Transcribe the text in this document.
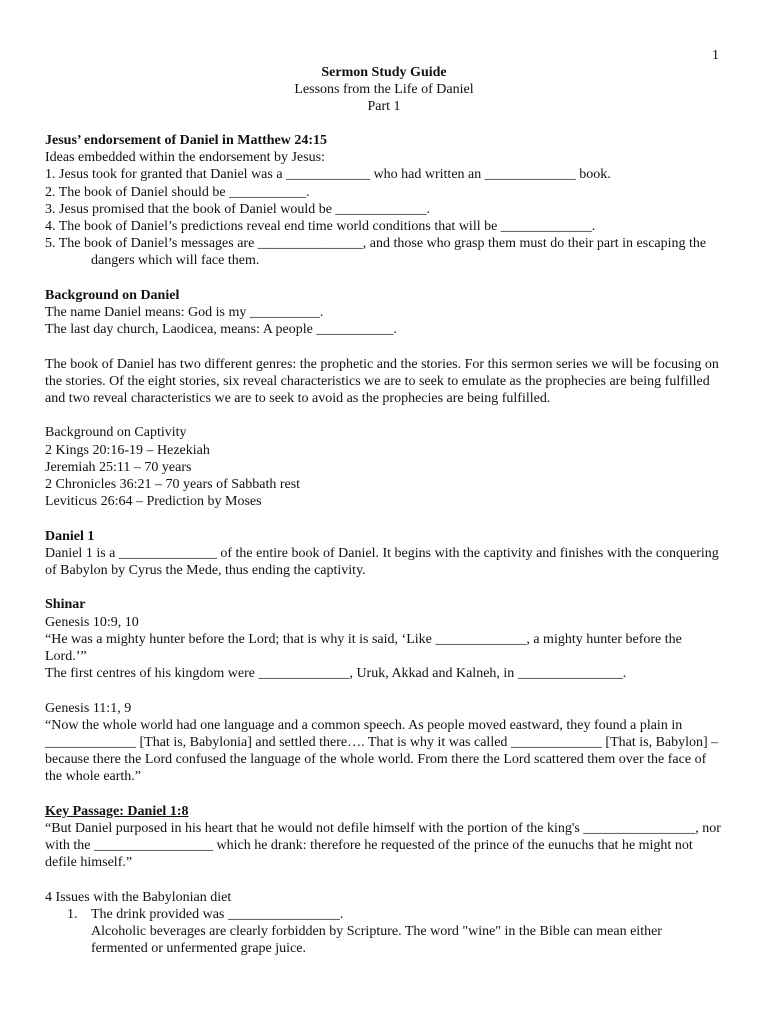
1
Sermon Study Guide
Lessons from the Life of Daniel
Part 1

Jesus’ endorsement of Daniel in Matthew 24:15

Ideas embedded within the endorsement by Jesus:

1. Jesus took for granted that Daniel was a ____________ who had written an _____________ book.

2. The book of Daniel should be ___________.

3. Jesus promised that the book of Daniel would be _____________.

4. The book of Daniel’s predictions reveal end time world conditions that will be _____________.

5. The book of Daniel’s messages are _______________, and those who grasp them must do their part in escaping the

dangers which will face them.

Background on Daniel

The name Daniel means: God is my __________.

The last day church, Laodicea, means: A people ___________.

The book of Daniel has two different genres: the prophetic and the stories. For this sermon series we will be focusing on the stories. Of the eight stories, six reveal characteristics we are to seek to emulate as the prophecies are being fulfilled and two reveal characteristics we are to seek to avoid as the prophecies are being fulfilled.

Background on Captivity

2 Kings 20:16-19 – Hezekiah

Jeremiah 25:11 – 70 years

2 Chronicles 36:21 – 70 years of Sabbath rest

Leviticus 26:64 – Prediction by Moses

Daniel 1

Daniel 1 is a ______________ of the entire book of Daniel. It begins with the captivity and finishes with the conquering of Babylon by Cyrus the Mede, thus ending the captivity.

Shinar

Genesis 10:9, 10

“He was a mighty hunter before the Lord; that is why it is said, ‘Like _____________, a mighty hunter before the Lord.’”

The first centres of his kingdom were _____________, Uruk, Akkad and Kalneh, in _______________.

Genesis 11:1, 9

“Now the whole world had one language and a common speech. As people moved eastward, they found a plain in _____________ [That is, Babylonia] and settled there…. That is why it was called _____________ [That is, Babylon] – because there the Lord confused the language of the whole world. From there the Lord scattered them over the face of the whole earth.”

Key Passage: Daniel 1:8

“But Daniel purposed in his heart that he would not defile himself with the portion of the king's ________________, nor with the _________________ which he drank: therefore he requested of the prince of the eunuchs that he might not defile himself.”

4 Issues with the Babylonian diet

1. The drink provided was ________________.
Alcoholic beverages are clearly forbidden by Scripture. The word "wine" in the Bible can mean either fermented or unfermented grape juice.
